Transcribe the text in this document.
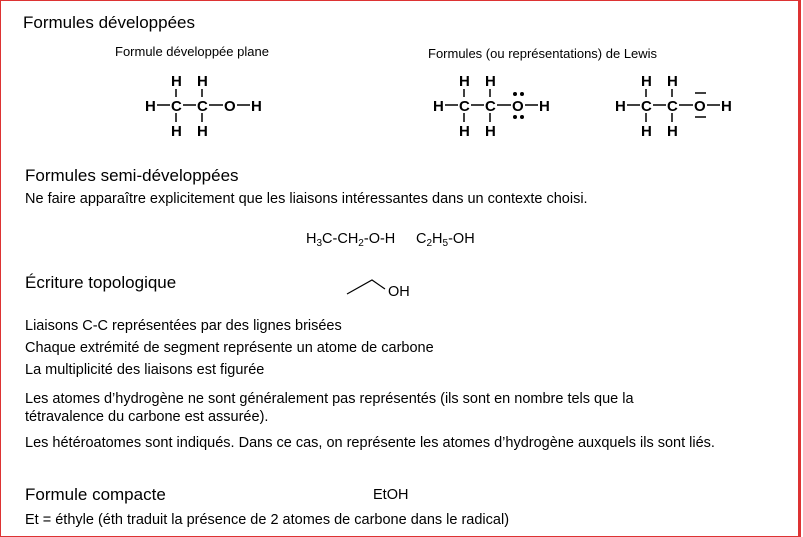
Formules développées
Formule développée plane	Formules (ou représentations) de Lewis
H H
H C C O H
H H
H H
H C C O H
H H
H H
H C C O H
H H
Formules semi-développées
Ne faire apparaître explicitement que les liaisons intéressantes dans un contexte choisi.
$H_3C-CH_2-O-H$ $C_2H_5-OH$
Écriture topologique	OH
Liaisons C-C représentées par des lignes brisées
Chaque extrémité de segment représente un atome de carbone
La multiplicité des liaisons est figurée
Les atomes d’hydrogène ne sont généralement pas représentés (ils sont en nombre tels que la
tétravalence du carbone est assurée).
Les hétéroatomes sont indiqués. Dans ce cas, on représente les atomes d’hydrogène auxquels ils sont liés.
Formule compacte	EtOH
Et = éthyle (éth traduit la présence de 2 atomes de carbone dans le radical)
